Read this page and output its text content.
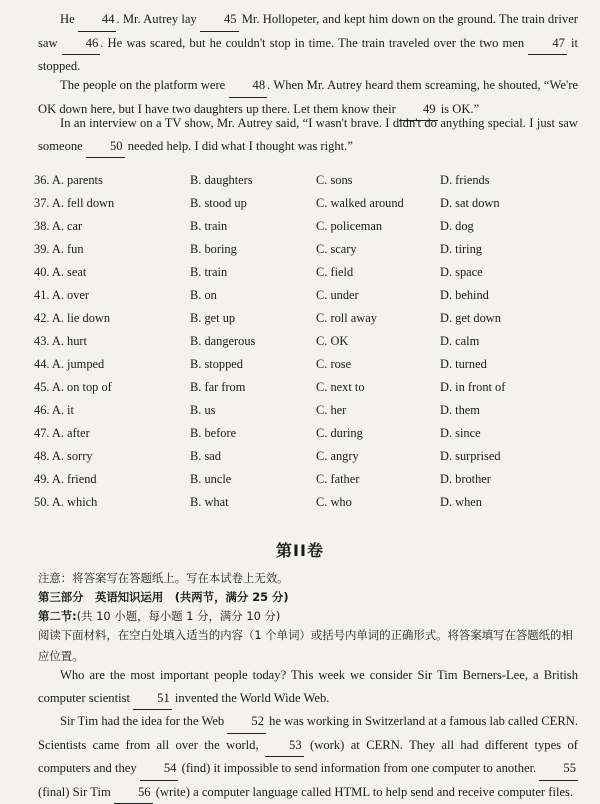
He 44 . Mr. Autrey lay 45 Mr. Hollopeter, and kept him down on the ground. The train driver saw 46 . He was scared, but he couldn't stop in time. The train traveled over the two men 47 it stopped.
The people on the platform were 48 . When Mr. Autrey heard them screaming, he shouted, “We're OK down here, but I have two daughters up there. Let them know their 49 is OK.”
In an interview on a TV show, Mr. Autrey said, “I wasn't brave. I didn't do anything special. I just saw someone 50 needed help. I did what I thought was right.”
36. A. parents	B. daughters	C. sons	D. friends
37. A. fell down	B. stood up	C. walked around	D. sat down
38. A. car	B. train	C. policeman	D. dog
39. A. fun	B. boring	C. scary	D. tiring
40. A. seat	B. train	C. field	D. space
41. A. over	B. on	C. under	D. behind
42. A. lie down	B. get up	C. roll away	D. get down
43. A. hurt	B. dangerous	C. OK	D. calm
44. A. jumped	B. stopped	C. rose	D. turned
45. A. on top of	B. far from	C. next to	D. in front of
46. A. it	B. us	C. her	D. them
47. A. after	B. before	C. during	D. since
48. A. sorry	B. sad	C. angry	D. surprised
49. A. friend	B. uncle	C. father	D. brother
50. A. which	B. what	C. who	D. when
第II卷
注意：将答案写在答题纸上。写在本试卷上无效。
第三部分　英语知识运用　(共两节，满分 25 分)
第二节:(共 10 小题，每小题 1 分，满分 10 分)
阅读下面材料，在空白处填入适当的内容（1 个单词）或括号内单词的正确形式。将答案填写在答题纸的相应位置。
Who are the most important people today? This week we consider Sir Tim Berners-Lee, a British computer scientist 51 invented the World Wide Web.
Sir Tim had the idea for the Web 52 he was working in Switzerland at a famous lab called CERN. Scientists came from all over the world, 53 (work) at CERN. They all had different types of computers and they 54 (find) it impossible to send information from one computer to another. 55 (final) Sir Tim 56 (write) a computer language called HTML to help send and receive computer files.
